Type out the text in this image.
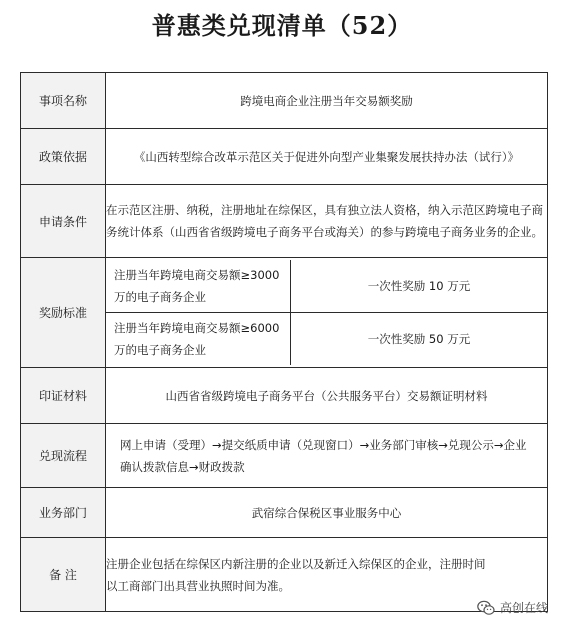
普惠类兑现清单（52）
事项名称	跨境电商企业注册当年交易额奖励
政策依据	《山西转型综合改革示范区关于促进外向型产业集聚发展扶持办法（试行）》
申请条件	在示范区注册、纳税，注册地址在综保区，具有独立法人资格，纳入示范区跨境电子商务统计体系（山西省省级跨境电子商务平台或海关）的参与跨境电子商务业务的企业。
奖励标准	
注册当年跨境电商交易额≥3000万的电子商务企业	一次性奖励 10 万元
注册当年跨境电商交易额≥6000万的电子商务企业	一次性奖励 50 万元

印证材料	山西省省级跨境电子商务平台（公共服务平台）交易额证明材料
兑现流程	网上申请（受理）→提交纸质申请（兑现窗口）→业务部门审核→兑现公示→企业确认拨款信息→财政拨款
业务部门	武宿综合保税区事业服务中心
备 注	注册企业包括在综保区内新注册的企业以及新迁入综保区的企业，注册时间以工商部门出具营业执照时间为准。
高创在线
